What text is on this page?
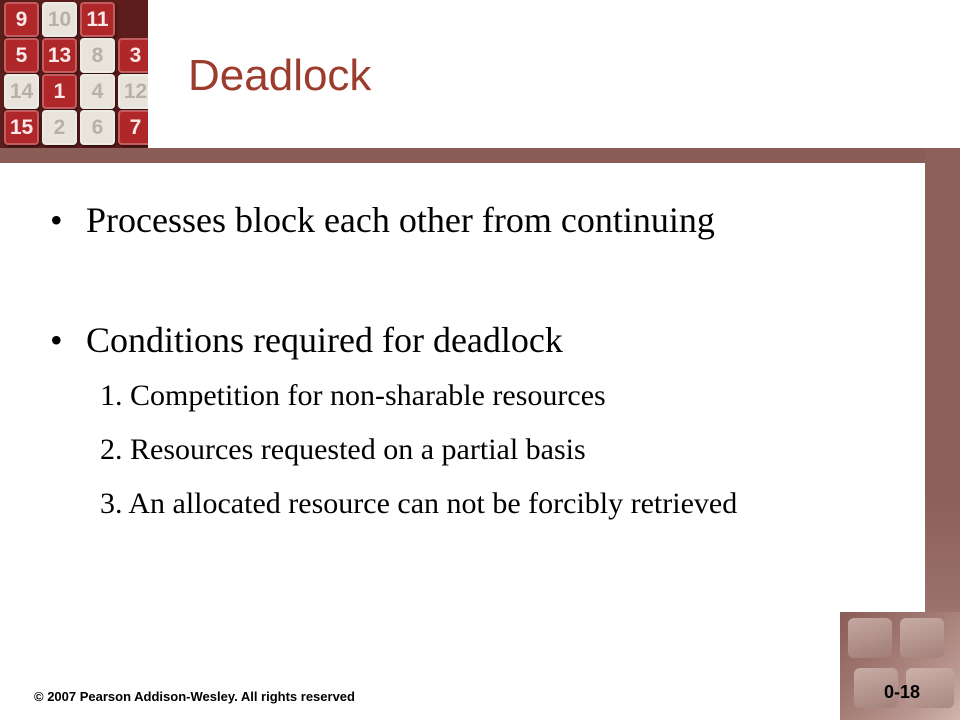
9 10 11
5 13 8	3
14 1	4 12
15 2	6	7
Deadlock
• Processes block each other from continuing
• Conditions required for deadlock
1. Competition for non-sharable resources
2. Resources requested on a partial basis
3. An allocated resource can not be forcibly retrieved
© 2007 Pearson Addison-Wesley. All rights reserved	0-18
